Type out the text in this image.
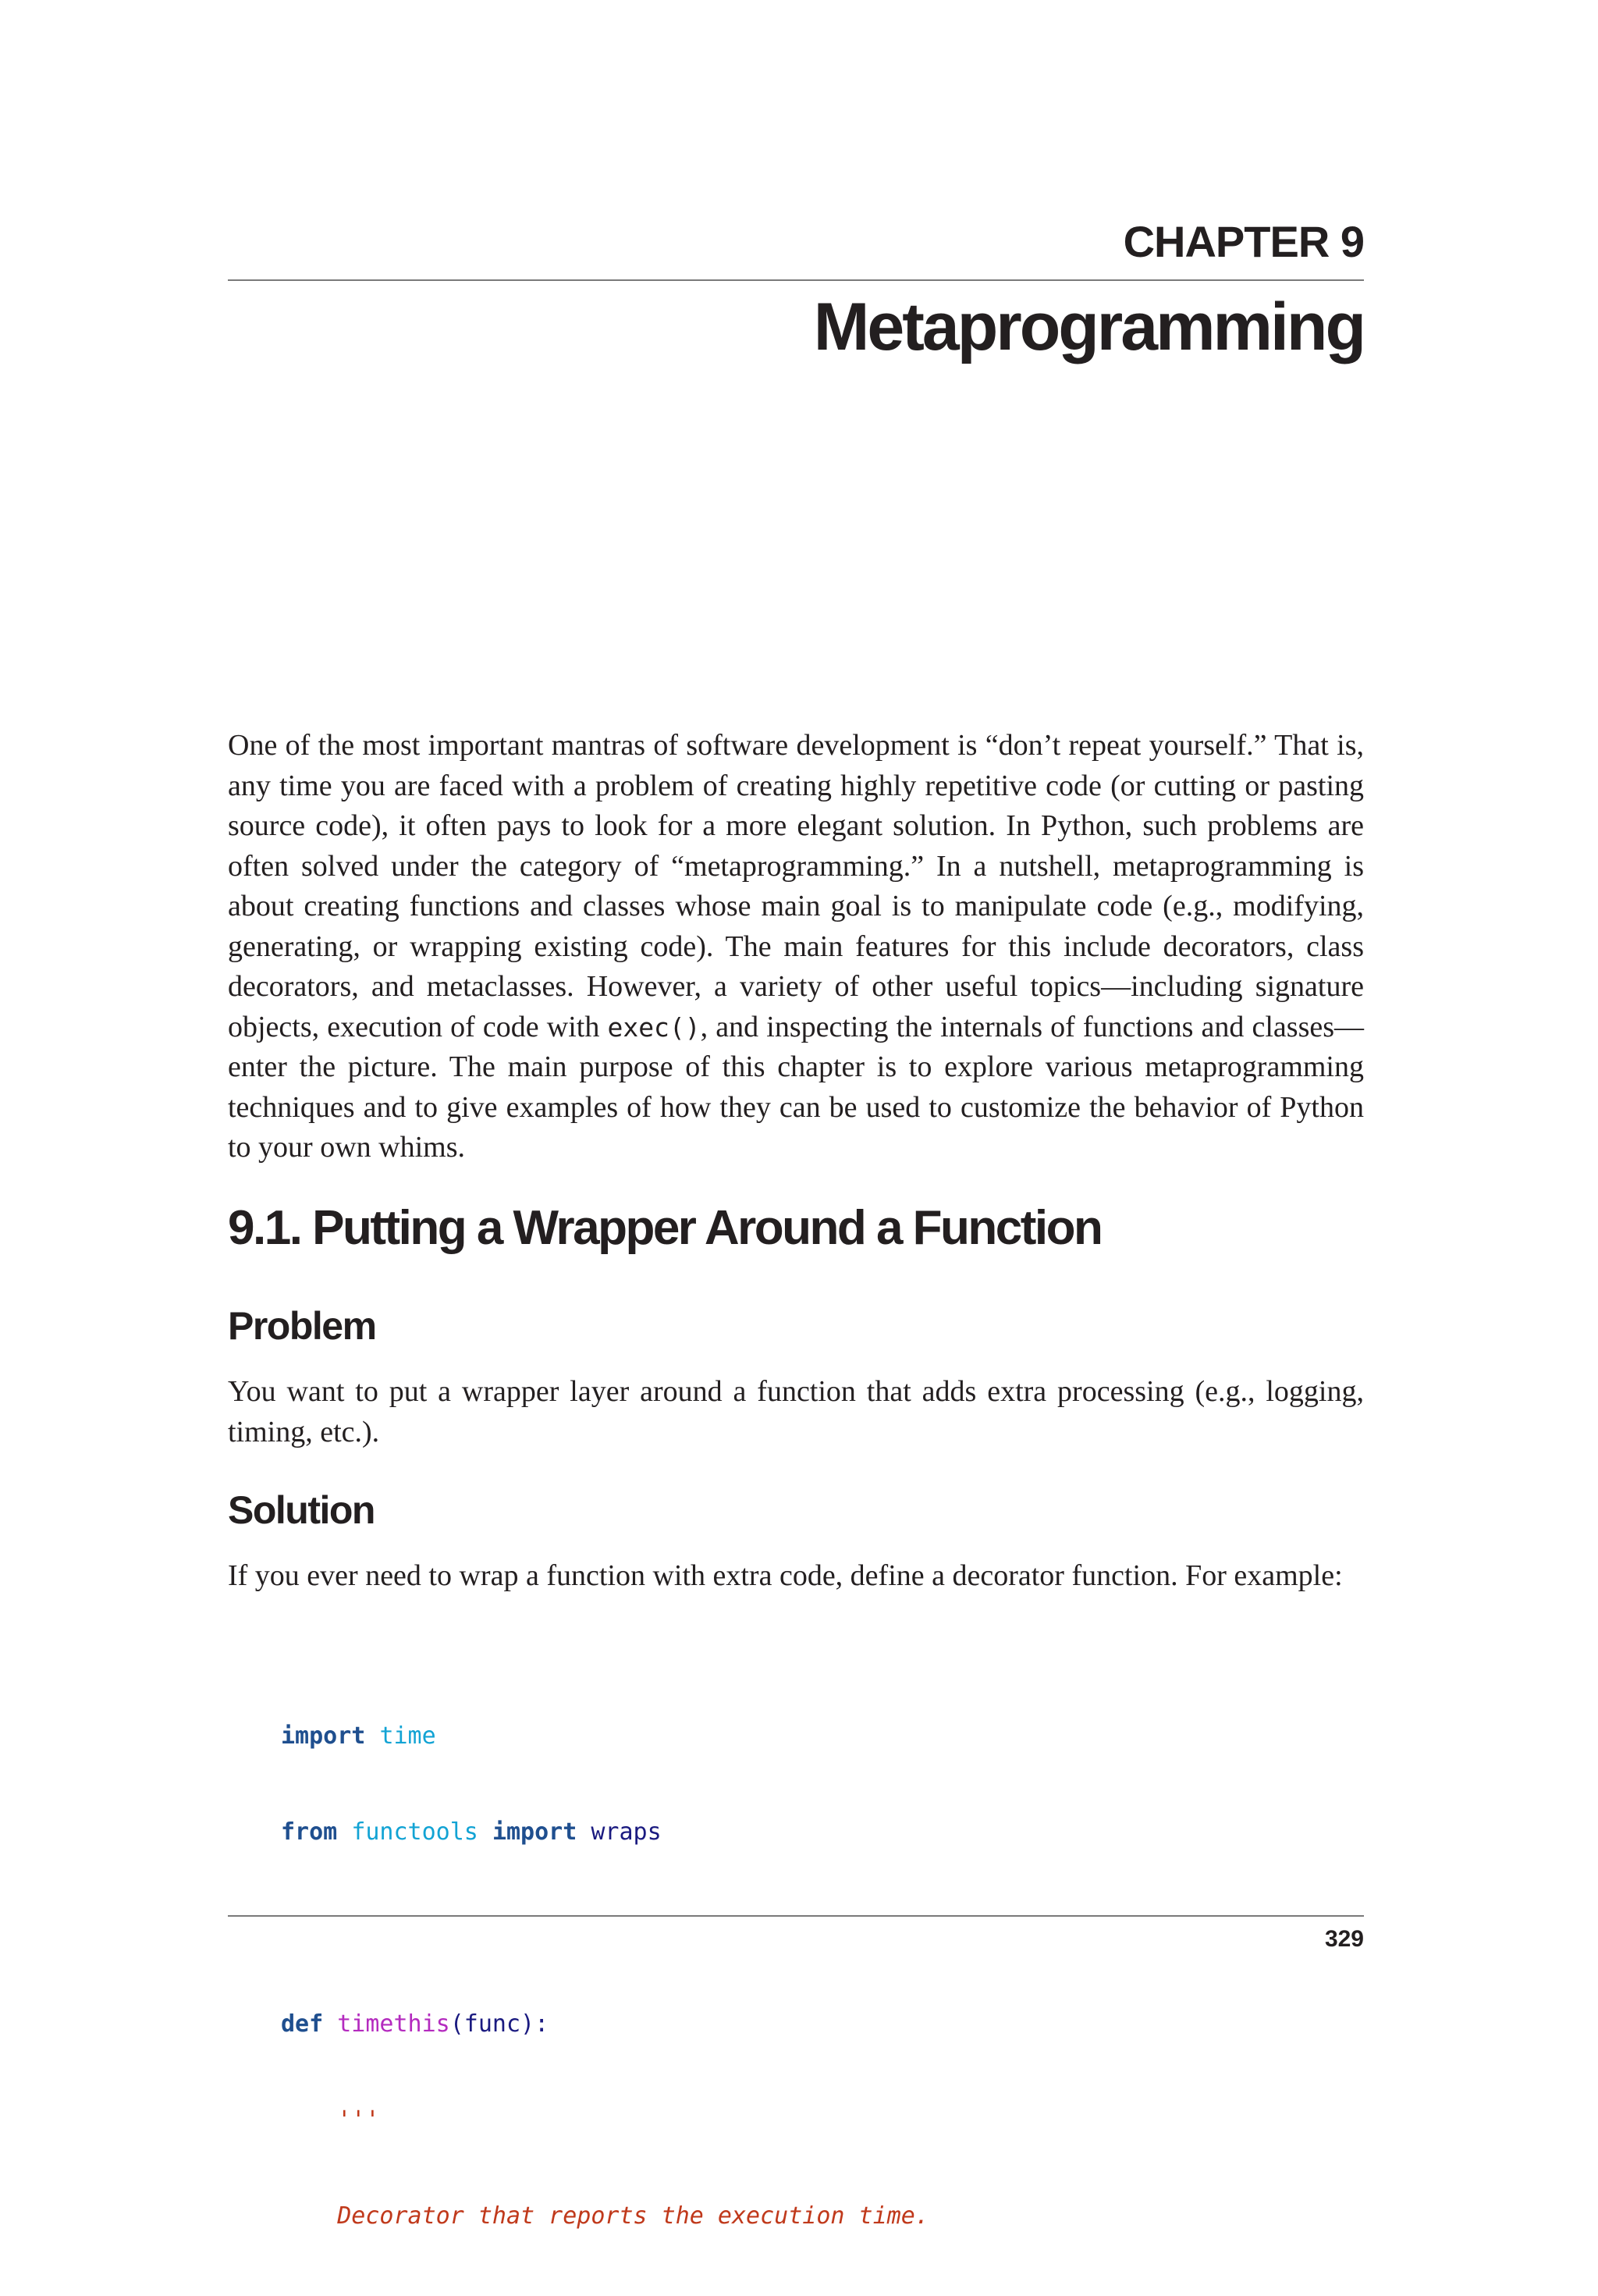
CHAPTER 9
Metaprogramming

One of the most important mantras of software development is “don’t repeat yourself.” That is, any time you are faced with a problem of creating highly repetitive code (or cutting or pasting source code), it often pays to look for a more elegant solution. In Python, such problems are often solved under the category of “metaprogramming.” In a nutshell, metaprogramming is about creating functions and classes whose main goal is to manipulate code (e.g., modifying, generating, or wrapping existing code). The main features for this include decorators, class decorators, and metaclasses. However, a variety of other useful topics—including signature objects, execution of code with exec(), and inspecting the internals of functions and classes—enter the picture. The main purpose of this chapter is to explore various metaprogramming techniques and to give examples of how they can be used to customize the behavior of Python to your own whims.

9.1. Putting a Wrapper Around a Function
Problem

You want to put a wrapper layer around a function that adds extra processing (e.g., logging, timing, etc.).

Solution

If you ever need to wrap a function with extra code, define a decorator function. For example:

import time

from functools import wraps

def timethis(func):

'''

Decorator that reports the execution time.

329
